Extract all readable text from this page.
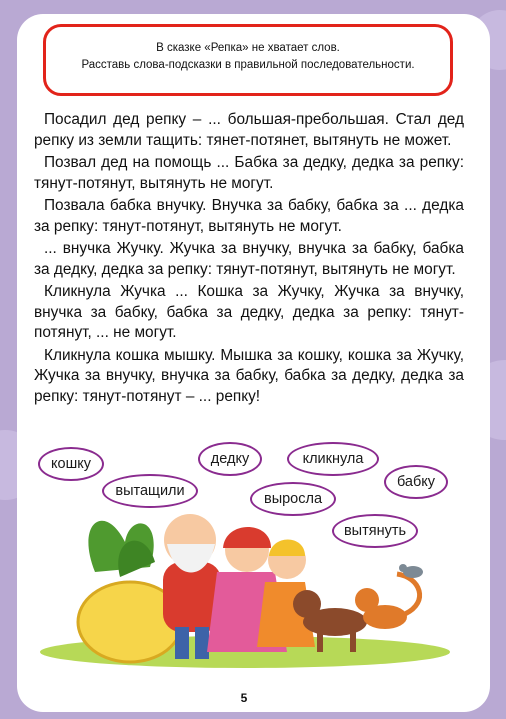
В сказке «Репка» не хватает слов.
Расставь слова-подсказки в правильной последовательности.

Посадил дед репку – ... большая-пребольшая. Стал дед репку из земли тащить: тянет-потянет, вытянуть не может.

Позвал дед на помощь ... Бабка за дедку, дедка за репку: тянут-потянут, вытянуть не могут.

Позвала бабка внучку. Внучка за бабку, бабка за ... дедка за репку: тянут-потянут, вытянуть не могут.

... внучка Жучку. Жучка за внучку, внучка за бабку, бабка за дедку, дедка за репку: тянут-потянут, вытянуть не могут.

Кликнула Жучка ... Кошка за Жучку, Жучка за внучку, внучка за бабку, бабка за дедку, дедка за репку: тянут-потянут, ... не могут.

Кликнула кошка мышку. Мышка за кошку, кошка за Жучку, Жучка за внучку, внучка за бабку, бабка за дедку, дедка за репку: тянут-потянут – ... репку!

кошку	дедку	кликнула
бабку
вытащили	выросла
вытянуть
5
